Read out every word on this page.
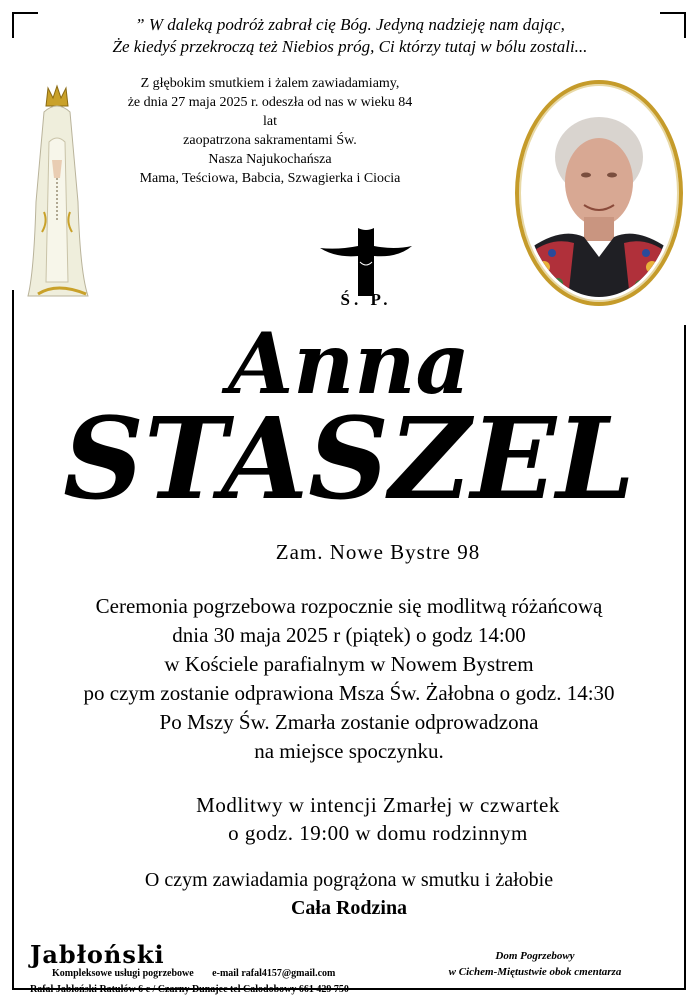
” W daleką podróż zabrał cię Bóg. Jedyną nadzieję nam dając,
Że kiedyś przekroczą też Niebios próg, Ci którzy tutaj w bólu zostali...
Z głębokim smutkiem i żalem zawiadamiamy,
że dnia 27 maja 2025 r. odeszła od nas w wieku 84 lat
zaopatrzona sakramentami Św.
Nasza Najukochańsza
Mama, Teściowa, Babcia, Szwagierka i Ciocia
Ś. P.
Anna
STASZEL
Zam. Nowe Bystre 98
Ceremonia pogrzebowa rozpocznie się modlitwą różańcową
dnia 30 maja 2025 r (piątek) o godz 14:00
w Kościele parafialnym w Nowem Bystrem
po czym zostanie odprawiona Msza Św. Żałobna o godz. 14:30
Po Mszy Św. Zmarła zostanie odprowadzona
na miejsce spoczynku.
Modlitwy w intencji Zmarłej w czwartek
o godz. 19:00 w domu rodzinnym
O czym zawiadamia pogrążona w smutku i żałobie
Cała Rodzina
Jabłoński
Kompleksowe usługi pogrzebowe e-mail rafal4157@gmail.com
Rafał Jabłoński Ratułów 6 c / Czarny Dunajec tel Całodobowy 661 429 750
Dom Pogrzebowy
w Cichem-Miętustwie obok cmentarza
